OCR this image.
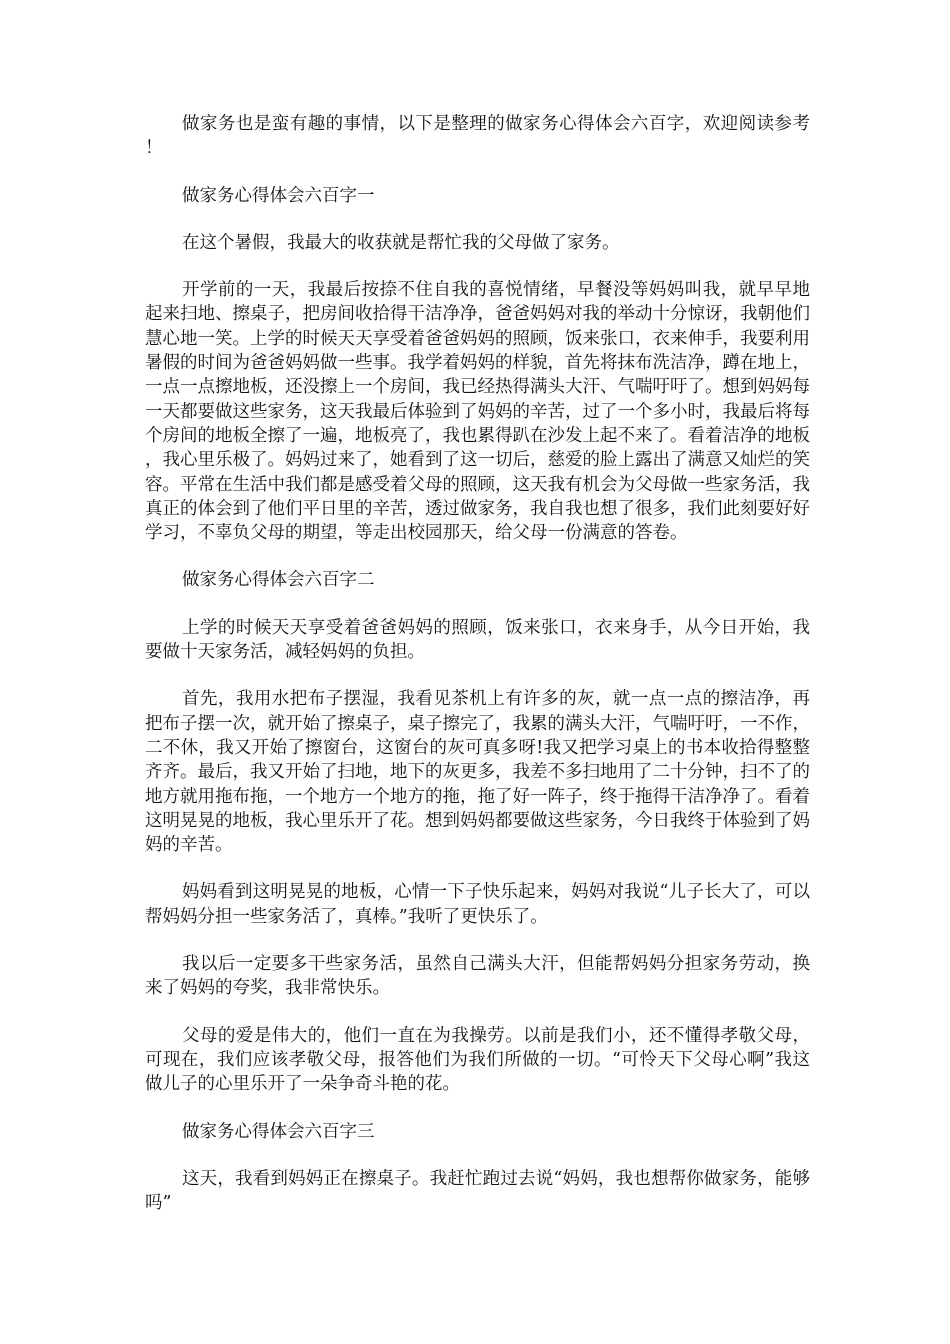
做家务也是蛮有趣的事情，以下是整理的做家务心得体会六百字，欢迎阅读参考！

做家务心得体会六百字一

在这个暑假，我最大的收获就是帮忙我的父母做了家务。

开学前的一天，我最后按捺不住自我的喜悦情绪，早餐没等妈妈叫我，就早早地起来扫地、擦桌子，把房间收拾得干洁净净，爸爸妈妈对我的举动十分惊讶，我朝他们慧心地一笑。上学的时候天天享受着爸爸妈妈的照顾，饭来张口，衣来伸手，我要利用暑假的时间为爸爸妈妈做一些事。我学着妈妈的样貌，首先将抹布洗洁净，蹲在地上，一点一点擦地板，还没擦上一个房间，我已经热得满头大汗、气喘吁吁了。想到妈妈每一天都要做这些家务，这天我最后体验到了妈妈的辛苦，过了一个多小时，我最后将每个房间的地板全擦了一遍，地板亮了，我也累得趴在沙发上起不来了。看着洁净的地板，我心里乐极了。妈妈过来了，她看到了这一切后，慈爱的脸上露出了满意又灿烂的笑容。平常在生活中我们都是感受着父母的照顾，这天我有机会为父母做一些家务活，我真正的体会到了他们平日里的辛苦，透过做家务，我自我也想了很多，我们此刻要好好学习，不辜负父母的期望，等走出校园那天，给父母一份满意的答卷。

做家务心得体会六百字二

上学的时候天天享受着爸爸妈妈的照顾，饭来张口，衣来身手，从今日开始，我要做十天家务活，减轻妈妈的负担。

首先，我用水把布子摆湿，我看见茶机上有许多的灰，就一点一点的擦洁净，再把布子摆一次，就开始了擦桌子，桌子擦完了，我累的满头大汗，气喘吁吁，一不作，二不休，我又开始了擦窗台，这窗台的灰可真多呀!我又把学习桌上的书本收拾得整整齐齐。最后，我又开始了扫地，地下的灰更多，我差不多扫地用了二十分钟，扫不了的地方就用拖布拖，一个地方一个地方的拖，拖了好一阵子，终于拖得干洁净净了。看着这明晃晃的地板，我心里乐开了花。想到妈妈都要做这些家务，今日我终于体验到了妈妈的辛苦。

妈妈看到这明晃晃的地板，心情一下子快乐起来，妈妈对我说“儿子长大了，可以帮妈妈分担一些家务活了，真棒。”我听了更快乐了。

我以后一定要多干些家务活，虽然自己满头大汗，但能帮妈妈分担家务劳动，换来了妈妈的夸奖，我非常快乐。

父母的爱是伟大的，他们一直在为我操劳。以前是我们小，还不懂得孝敬父母，可现在，我们应该孝敬父母，报答他们为我们所做的一切。“可怜天下父母心啊”我这做儿子的心里乐开了一朵争奇斗艳的花。

做家务心得体会六百字三

这天，我看到妈妈正在擦桌子。我赶忙跑过去说“妈妈，我也想帮你做家务，能够吗”
